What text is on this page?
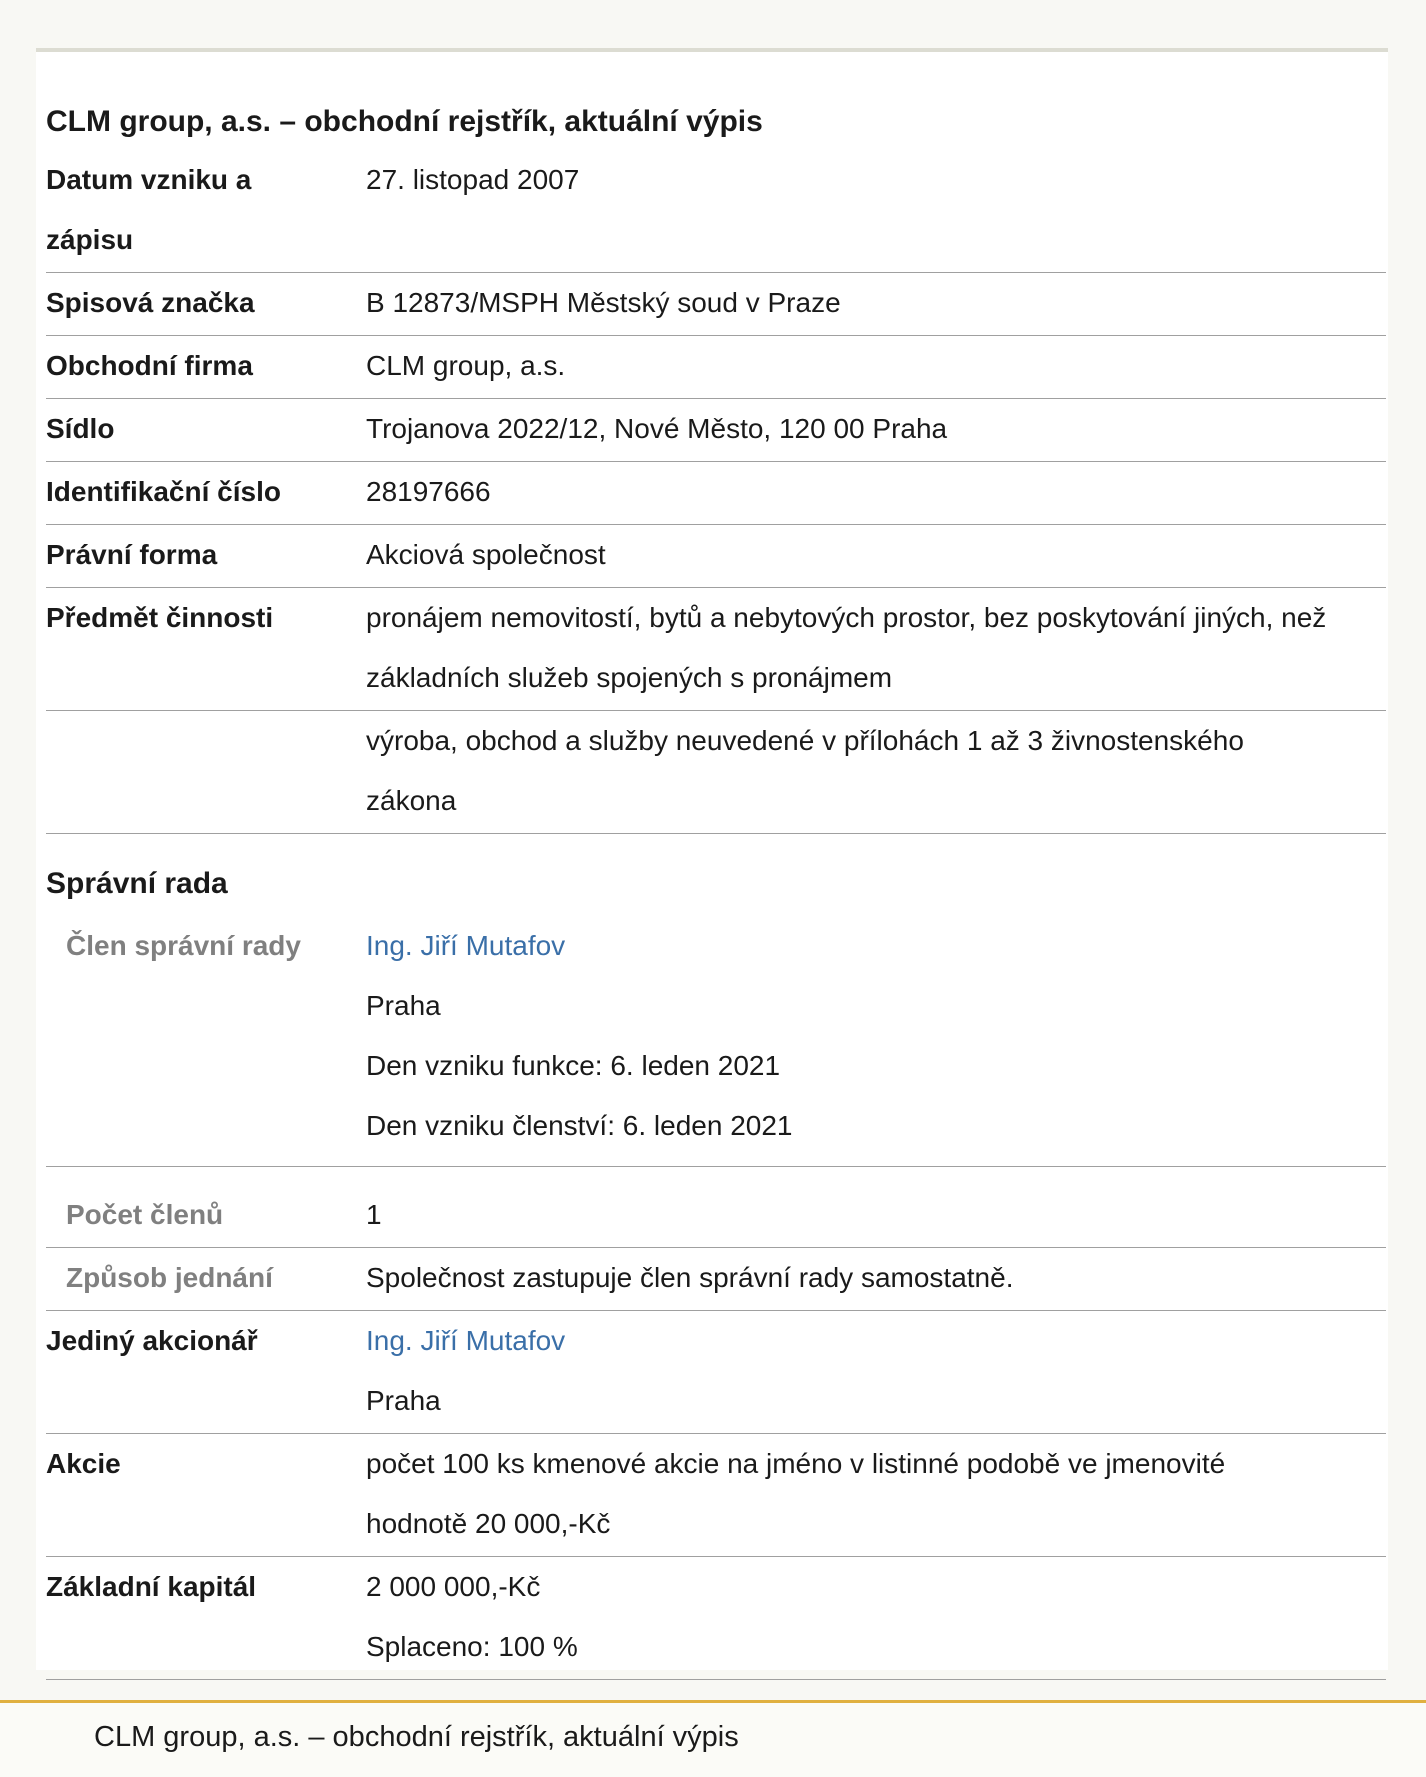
CLM group, a.s. – obchodní rejstřík, aktuální výpis
Datum vzniku a zápisu	27. listopad 2007

Spisová značka	B 12873/MSPH Městský soud v Praze

Obchodní firma	CLM group, a.s.

Sídlo	Trojanova 2022/12, Nové Město, 120 00 Praha

Identifikační číslo	28197666

Právní forma	Akciová společnost

Předmět činnosti	pronájem nemovitostí, bytů a nebytových prostor, bez poskytování jiných, než základních služeb spojených s pronájmem

	výroba, obchod a služby neuvedené v přílohách 1 až 3 živnostenského zákona

Správní rada	

Člen správní rady	Ing. Jiří Mutafov
Praha
Den vzniku funkce: 6. leden 2021
Den vzniku členství: 6. leden 2021

Počet členů	1

Způsob jednání	Společnost zastupuje člen správní rady samostatně.

Jediný akcionář	Ing. Jiří Mutafov
Praha

Akcie	počet 100 ks kmenové akcie na jméno v listinné podobě ve jmenovité hodnotě 20 000,-Kč

Základní kapitál	2 000 000,-Kč
Splaceno: 100 %
CLM group, a.s. – obchodní rejstřík, aktuální výpis
